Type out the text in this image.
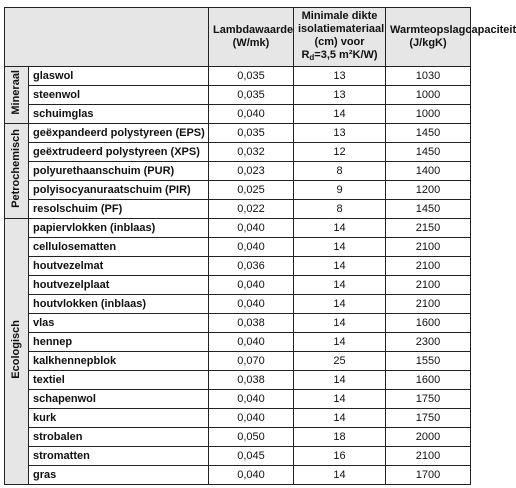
		Lambdawaarde (W/mk)	Minimale dikte isolatiemateriaal (cm) voor $R_d=3,5$ m²K/W)	Warmteopslagcapaciteit (J/kgK)
Mineraal	glaswol	0,035	13	1030
	steenwol	0,035	13	1000
	schuimglas	0,040	14	1000
Petrochemisch	geëxpandeerd polystyreen (EPS)	0,035	13	1450
	geëxtrudeerd polystyreen (XPS)	0,032	12	1450
	polyurethaanschuim (PUR)	0,023	8	1400
	polyisocyanuraatschuim (PIR)	0,025	9	1200
	resolschuim (PF)	0,022	8	1450
Ecologisch	papiervlokken (inblaas)	0,040	14	2150
	cellulosematten	0,040	14	2100
	houtvezelmat	0,036	14	2100
	houtvezelplaat	0,040	14	2100
	houtvlokken (inblaas)	0,040	14	2100
	vlas	0,038	14	1600
	hennep	0,040	14	2300
	kalkhennepblok	0,070	25	1550
	textiel	0,038	14	1600
	schapenwol	0,040	14	1750
	kurk	0,040	14	1750
	strobalen	0,050	18	2000
	stromatten	0,045	16	2100
	gras	0,040	14	1700
